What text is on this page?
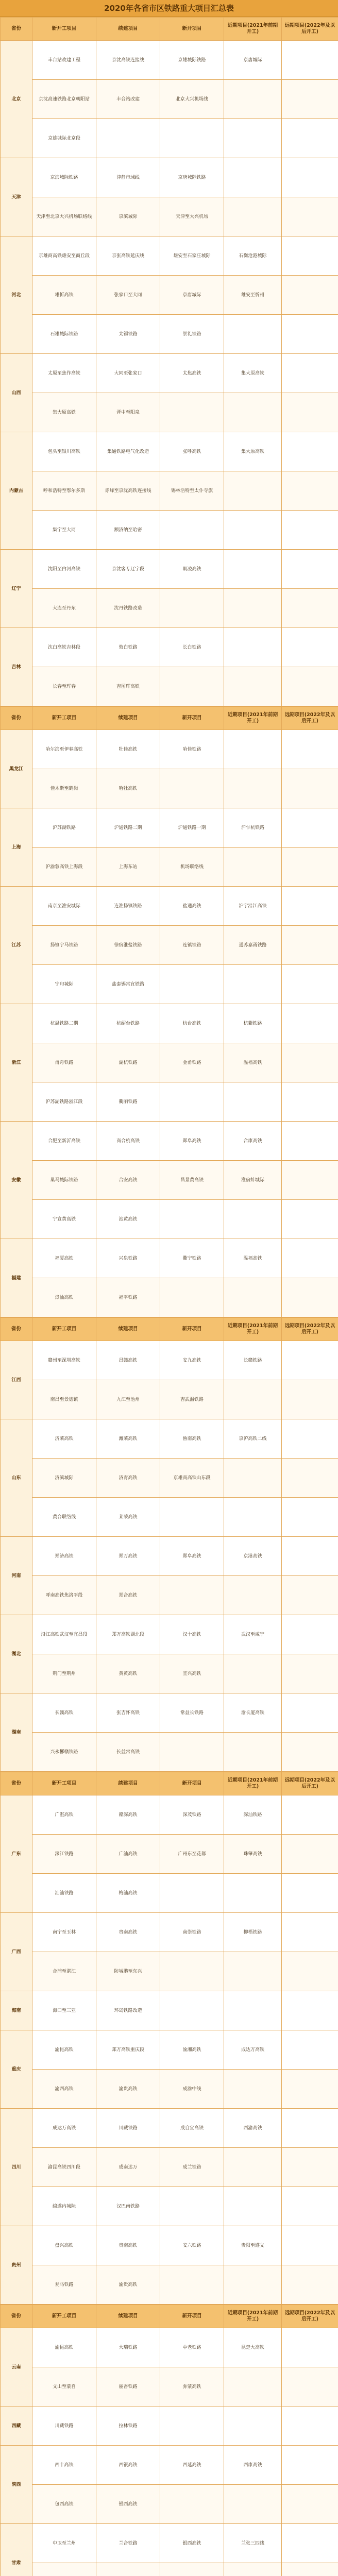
2020年各省市区铁路重大项目汇总表
省份	新开工项目	续建项目	新开项目	近期项目(2021年前期开工)	远期项目(2022年及以后开工)	
北京	丰台站改建工程	京沈高铁连接线	京雄城际铁路	京唐城际		
	京沈高速铁路北京朝阳站	丰台站改建	北京大兴机场线			
	京雄城际北京段					
天津	京滨城际铁路	津静市域线	京唐城际铁路			
	天津至北京大兴机场联络线	京滨城际	天津至大兴机场			
河北	京雄商高铁雄安至商丘段	京张高铁延庆线	雄安至石家庄城际	石衡沧港城际		
	雄忻高铁	张家口至大同	京唐城际	雄安至忻州		
	石雄城际铁路	太锡铁路	崇礼铁路			
山西	太原至焦作高铁	大同至张家口	太焦高铁	集大原高铁		
	集大原高铁	晋中至阳泉				
内蒙古	包头至银川高铁	集通铁路电气化改造	张呼高铁	集大原高铁		
	呼和浩特至鄂尔多斯	赤峰至京沈高铁连接线	锡林浩特至太仆寺旗			
	集宁至大同	额济纳至哈密				
辽宁	沈阳至白河高铁	京沈客专辽宁段	朝凌高铁			
	大连至丹东	沈丹铁路改造				
吉林	沈白高铁吉林段	敦白铁路	长白铁路			
	长春至珲春	吉图珲高铁				
省份	新开工项目	续建项目	新开项目	近期项目(2021年前期开工)	远期项目(2022年及以后开工)	
黑龙江	哈尔滨至伊春高铁	牡佳高铁	哈佳铁路			
	佳木斯至鹤岗	哈牡高铁				
上海	沪苏湖铁路	沪通铁路二期	沪通铁路一期	沪乍杭铁路		
	沪渝蓉高铁上海段	上海东站	机场联络线			
江苏	南京至淮安城际	连淮扬镇铁路	盐通高铁	沪宁沿江高铁		
	扬镇宁马铁路	徐宿淮盐铁路	连镇铁路	通苏嘉甬铁路		
	宁句城际	盐泰锡常宜铁路				
浙江	杭温铁路二期	杭绍台铁路	杭台高铁	杭衢铁路		
	甬舟铁路	湖杭铁路	金甬铁路	温福高铁		
	沪苏湖铁路浙江段	衢丽铁路				
安徽	合肥至新沂高铁	商合杭高铁	郑阜高铁	合康高铁		
	巢马城际铁路	合安高铁	昌景黄高铁	淮宿蚌城际		
	宁宣黄高铁	池黄高铁				
福建	福厦高铁	兴泉铁路	衢宁铁路	温福高铁		
	漳汕高铁	福平铁路				
省份	新开工项目	续建项目	新开项目	近期项目(2021年前期开工)	远期项目(2022年及以后开工)	
江西	赣州至深圳高铁	昌赣高铁	安九高铁	长赣铁路		
	南昌至景德镇	九江至池州	吉武温铁路			
山东	济莱高铁	潍莱高铁	鲁南高铁	京沪高铁二线		
	济滨城际	济青高铁	京雄商高铁山东段			
	黄台联络线	莱荣高铁				
河南	郑济高铁	郑万高铁	郑阜高铁	京港高铁		
	呼南高铁焦洛平段	郑合高铁				
湖北	沿江高铁武汉至宜昌段	郑万高铁湖北段	汉十高铁	武汉至咸宁		
	荆门至荆州	黄黄高铁	宜兴高铁			
湖南	长赣高铁	张吉怀高铁	常益长铁路	渝长厦高铁		
	兴永郴赣铁路	长益常高铁				
省份	新开工项目	续建项目	新开项目	近期项目(2021年前期开工)	远期项目(2022年及以后开工)	
广东	广湛高铁	赣深高铁	深茂铁路	深汕铁路		
	深江铁路	广汕高铁	广州东至花都	珠肇高铁		
	汕汕铁路	梅汕高铁				
广西	南宁至玉林	贵南高铁	南崇铁路	柳梧铁路		
	合浦至湛江	防城港至东兴				
海南	海口至三亚	环岛铁路改造				
重庆	渝昆高铁	郑万高铁重庆段	渝湘高铁	成达万高铁		
	渝西高铁	渝贵高铁	成渝中线			
四川	成达万高铁	川藏铁路	成自宜高铁	西渝高铁		
	渝昆高铁四川段	成南达万	成兰铁路			
	绵遂内城际	汉巴南铁路				
贵州	盘兴高铁	贵南高铁	安六铁路	贵阳至遵义		
	瓮马铁路	渝贵高铁				
省份	新开工项目	续建项目	新开项目	近期项目(2021年前期开工)	远期项目(2022年及以后开工)	
云南	渝昆高铁	大瑞铁路	中老铁路	昆楚大高铁		
	文山至蒙自	丽香铁路	弥蒙高铁			
西藏	川藏铁路	拉林铁路				
陕西	西十高铁	西银高铁	西延高铁	西康高铁		
	包西高铁	银西高铁				
甘肃	中卫至兰州	兰合铁路	银西高铁	兰张三四线		
